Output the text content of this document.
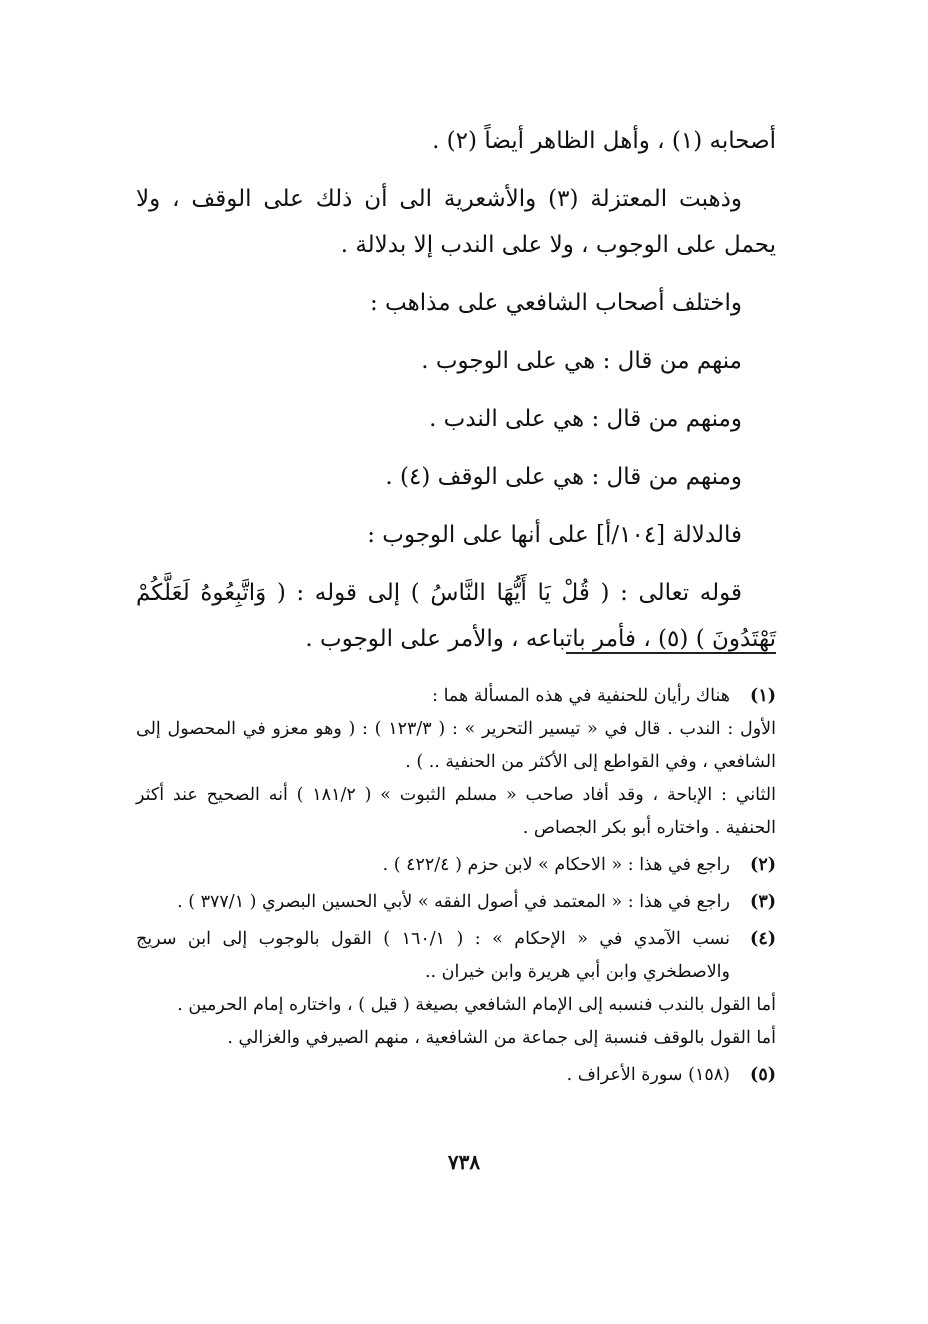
أصحابه (١) ، وأهل الظاهر أيضاً (٢) .

وذهبت المعتزلة (٣) والأشعرية الى أن ذلك على الوقف ، ولا يحمل على الوجوب ، ولا على الندب إلا بدلالة .

واختلف أصحاب الشافعي على مذاهب :

منهم من قال : هي على الوجوب .

ومنهم من قال : هي على الندب .

ومنهم من قال : هي على الوقف (٤) .

فالدلالة [١٠٤/أ] على أنها على الوجوب :

قوله تعالى : ( قُلْ يَا أَيُّهَا النَّاسُ ) إلى قوله : ( وَاتَّبِعُوهُ لَعَلَّكُمْ تَهْتَدُونَ ) (٥) ، فأمر باتباعه ، والأمر على الوجوب .

(١)
هناك رأيان للحنفية في هذه المسألة هما :
الأول : الندب . قال في « تيسير التحرير » : ( ١٢٣/٣ ) : ( وهو معزو في المحصول إلى الشافعي ، وفي القواطع إلى الأكثر من الحنفية .. ) .
الثاني : الإباحة ، وقد أفاد صاحب « مسلم الثبوت » ( ١٨١/٢ ) أنه الصحيح عند أكثر الحنفية . واختاره أبو بكر الجصاص .
(٢)
راجع في هذا : « الاحكام » لابن حزم ( ٤٢٢/٤ ) .
(٣)
راجع في هذا : « المعتمد في أصول الفقه » لأبي الحسين البصري ( ٣٧٧/١ ) .
(٤)
نسب الآمدي في « الإحكام » : ( ١٦٠/١ ) القول بالوجوب إلى ابن سريج والاصطخري وابن أبي هريرة وابن خيران ..
أما القول بالندب فنسبه إلى الإمام الشافعي بصيغة ( قيل ) ، واختاره إمام الحرمين .
أما القول بالوقف فنسبة إلى جماعة من الشافعية ، منهم الصيرفي والغزالي .
(٥)
(١٥٨) سورة الأعراف .
٧٣٨
